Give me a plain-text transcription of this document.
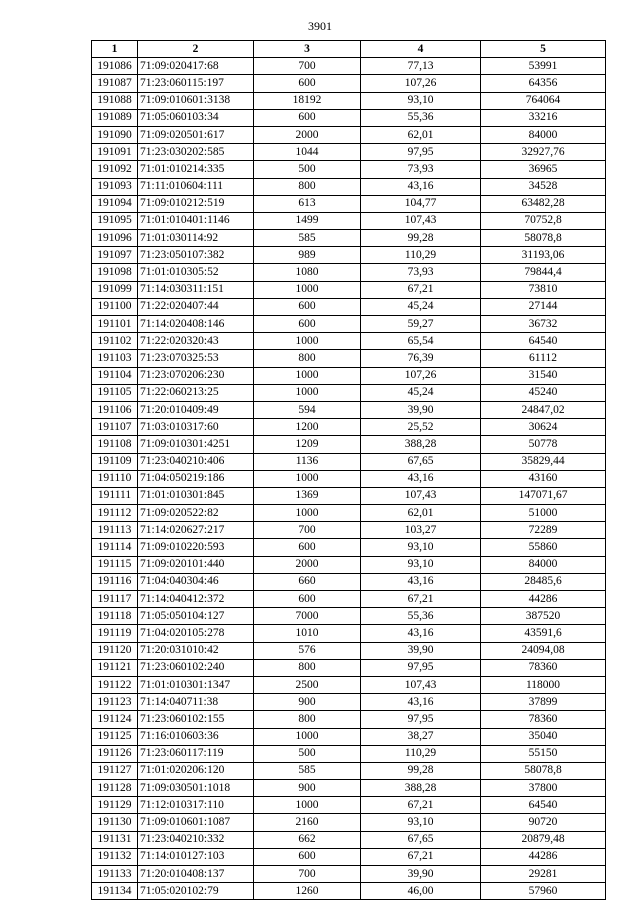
3901
1	2	3	4	5
191086	71:09:020417:68	700	77,13	53991
191087	71:23:060115:197	600	107,26	64356
191088	71:09:010601:3138	18192	93,10	764064
191089	71:05:060103:34	600	55,36	33216
191090	71:09:020501:617	2000	62,01	84000
191091	71:23:030202:585	1044	97,95	32927,76
191092	71:01:010214:335	500	73,93	36965
191093	71:11:010604:111	800	43,16	34528
191094	71:09:010212:519	613	104,77	63482,28
191095	71:01:010401:1146	1499	107,43	70752,8
191096	71:01:030114:92	585	99,28	58078,8
191097	71:23:050107:382	989	110,29	31193,06
191098	71:01:010305:52	1080	73,93	79844,4
191099	71:14:030311:151	1000	67,21	73810
191100	71:22:020407:44	600	45,24	27144
191101	71:14:020408:146	600	59,27	36732
191102	71:22:020320:43	1000	65,54	64540
191103	71:23:070325:53	800	76,39	61112
191104	71:23:070206:230	1000	107,26	31540
191105	71:22:060213:25	1000	45,24	45240
191106	71:20:010409:49	594	39,90	24847,02
191107	71:03:010317:60	1200	25,52	30624
191108	71:09:010301:4251	1209	388,28	50778
191109	71:23:040210:406	1136	67,65	35829,44
191110	71:04:050219:186	1000	43,16	43160
191111	71:01:010301:845	1369	107,43	147071,67
191112	71:09:020522:82	1000	62,01	51000
191113	71:14:020627:217	700	103,27	72289
191114	71:09:010220:593	600	93,10	55860
191115	71:09:020101:440	2000	93,10	84000
191116	71:04:040304:46	660	43,16	28485,6
191117	71:14:040412:372	600	67,21	44286
191118	71:05:050104:127	7000	55,36	387520
191119	71:04:020105:278	1010	43,16	43591,6
191120	71:20:031010:42	576	39,90	24094,08
191121	71:23:060102:240	800	97,95	78360
191122	71:01:010301:1347	2500	107,43	118000
191123	71:14:040711:38	900	43,16	37899
191124	71:23:060102:155	800	97,95	78360
191125	71:16:010603:36	1000	38,27	35040
191126	71:23:060117:119	500	110,29	55150
191127	71:01:020206:120	585	99,28	58078,8
191128	71:09:030501:1018	900	388,28	37800
191129	71:12:010317:110	1000	67,21	64540
191130	71:09:010601:1087	2160	93,10	90720
191131	71:23:040210:332	662	67,65	20879,48
191132	71:14:010127:103	600	67,21	44286
191133	71:20:010408:137	700	39,90	29281
191134	71:05:020102:79	1260	46,00	57960
